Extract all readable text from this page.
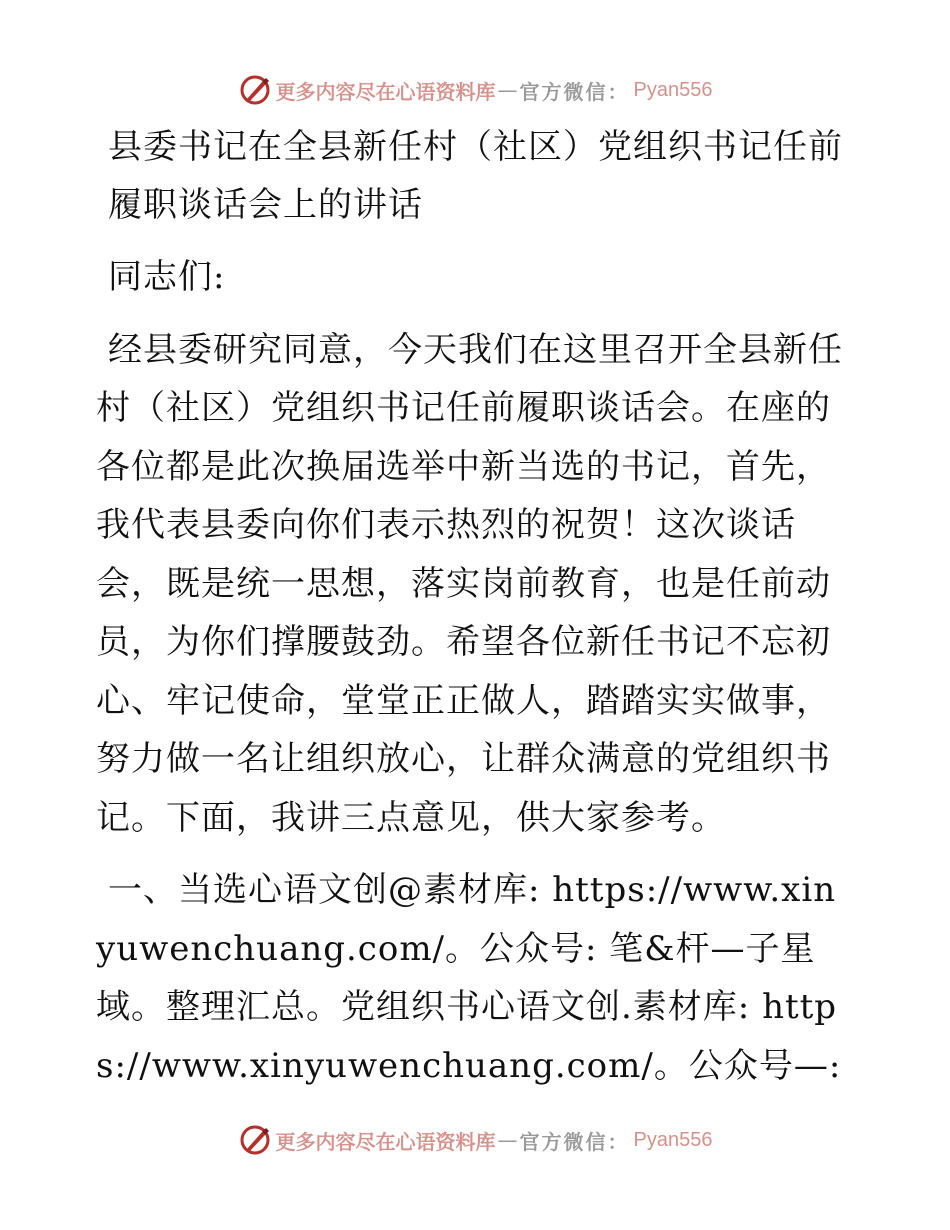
更多内容尽在心语资料库 — 官方微信： Pyan556
县委书记在全县新任村（社区）党组织书记任前履职谈话会上的讲话

同志们:

经县委研究同意，今天我们在这里召开全县新任村（社区）党组织书记任前履职谈话会。在座的各位都是此次换届选举中新当选的书记，首先，我代表县委向你们表示热烈的祝贺！这次谈话会，既是统一思想，落实岗前教育，也是任前动员，为你们撑腰鼓劲。希望各位新任书记不忘初心、牢记使命，堂堂正正做人，踏踏实实做事，努力做一名让组织放心，让群众满意的党组织书记。下面，我讲三点意见，供大家参考。

一、当选心语文创@素材库: https://www.xinyuwenchuang.com/。公众号: 笔&杆—子星域。整理汇总。党组织书心语文创.素材库: https://www.xinyuwenchuang.com/。公众号—:

更多内容尽在心语资料库 — 官方微信： Pyan556
